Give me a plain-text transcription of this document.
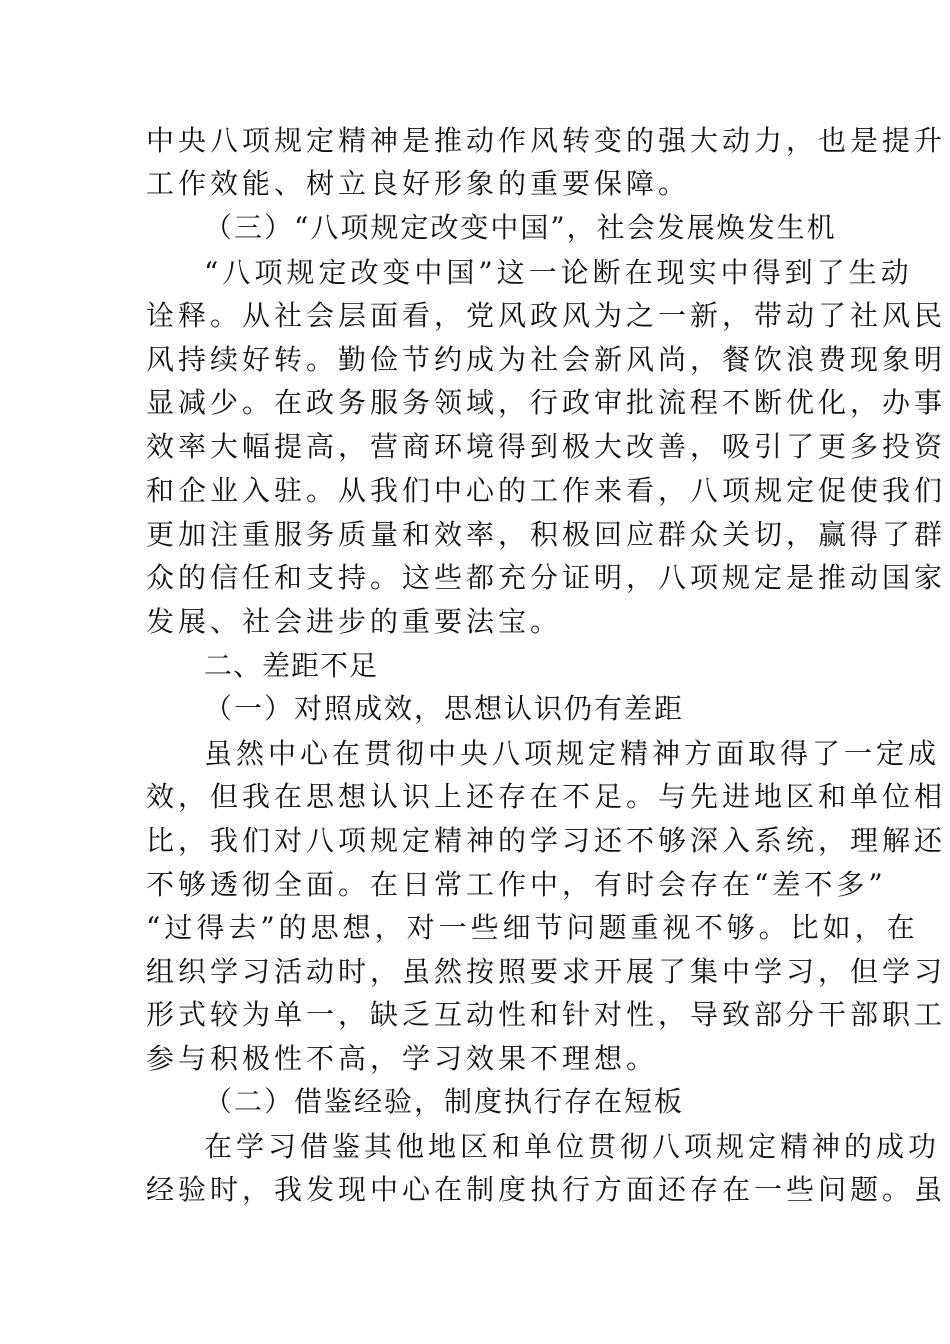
中央八项规定精神是推动作风转变的强大动力，也是提升
工作效能、树立良好形象的重要保障。
（三）“八项规定改变中国”，社会发展焕发生机
“八项规定改变中国”这一论断在现实中得到了生动
诠释。从社会层面看，党风政风为之一新，带动了社风民
风持续好转。勤俭节约成为社会新风尚，餐饮浪费现象明
显减少。在政务服务领域，行政审批流程不断优化，办事
效率大幅提高，营商环境得到极大改善，吸引了更多投资
和企业入驻。从我们中心的工作来看，八项规定促使我们
更加注重服务质量和效率，积极回应群众关切，赢得了群
众的信任和支持。这些都充分证明，八项规定是推动国家
发展、社会进步的重要法宝。
二、差距不足
（一）对照成效，思想认识仍有差距
虽然中心在贯彻中央八项规定精神方面取得了一定成
效，但我在思想认识上还存在不足。与先进地区和单位相
比，我们对八项规定精神的学习还不够深入系统，理解还
不够透彻全面。在日常工作中，有时会存在“差不多”
“过得去”的思想，对一些细节问题重视不够。比如，在
组织学习活动时，虽然按照要求开展了集中学习，但学习
形式较为单一，缺乏互动性和针对性，导致部分干部职工
参与积极性不高，学习效果不理想。
（二）借鉴经验，制度执行存在短板
在学习借鉴其他地区和单位贯彻八项规定精神的成功
经验时，我发现中心在制度执行方面还存在一些问题。虽
